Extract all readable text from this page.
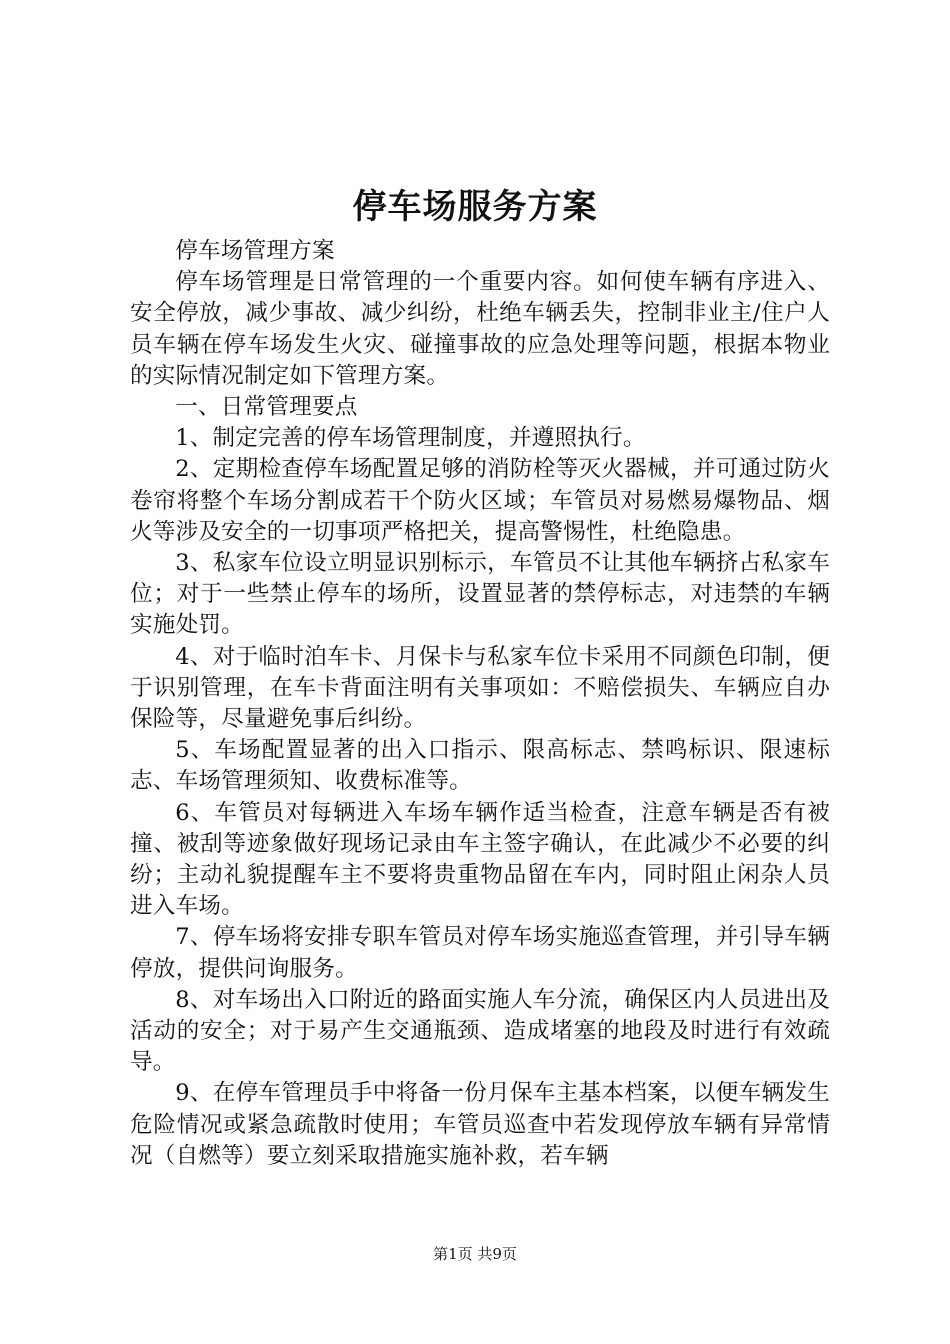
停车场服务方案

停车场管理方案

停车场管理是日常管理的一个重要内容。如何使车辆有序进入、安全停放，减少事故、减少纠纷，杜绝车辆丢失，控制非业主/住户人员车辆在停车场发生火灾、碰撞事故的应急处理等问题，根据本物业的实际情况制定如下管理方案。

一、日常管理要点

1、制定完善的停车场管理制度，并遵照执行。

2、定期检查停车场配置足够的消防栓等灭火器械，并可通过防火卷帘将整个车场分割成若干个防火区域；车管员对易燃易爆物品、烟火等涉及安全的一切事项严格把关，提高警惕性，杜绝隐患。

3、私家车位设立明显识别标示，车管员不让其他车辆挤占私家车位；对于一些禁止停车的场所，设置显著的禁停标志，对违禁的车辆实施处罚。

4、对于临时泊车卡、月保卡与私家车位卡采用不同颜色印制，便于识别管理，在车卡背面注明有关事项如：不赔偿损失、车辆应自办保险等，尽量避免事后纠纷。

5、车场配置显著的出入口指示、限高标志、禁鸣标识、限速标志、车场管理须知、收费标准等。

6、车管员对每辆进入车场车辆作适当检查，注意车辆是否有被撞、被刮等迹象做好现场记录由车主签字确认，在此减少不必要的纠纷；主动礼貌提醒车主不要将贵重物品留在车内，同时阻止闲杂人员进入车场。

7、停车场将安排专职车管员对停车场实施巡查管理，并引导车辆停放，提供问询服务。

8、对车场出入口附近的路面实施人车分流，确保区内人员进出及活动的安全；对于易产生交通瓶颈、造成堵塞的地段及时进行有效疏导。

9、在停车管理员手中将备一份月保车主基本档案，以便车辆发生危险情况或紧急疏散时使用；车管员巡查中若发现停放车辆有异常情况（自燃等）要立刻采取措施实施补救，若车辆

第1页 共9页
